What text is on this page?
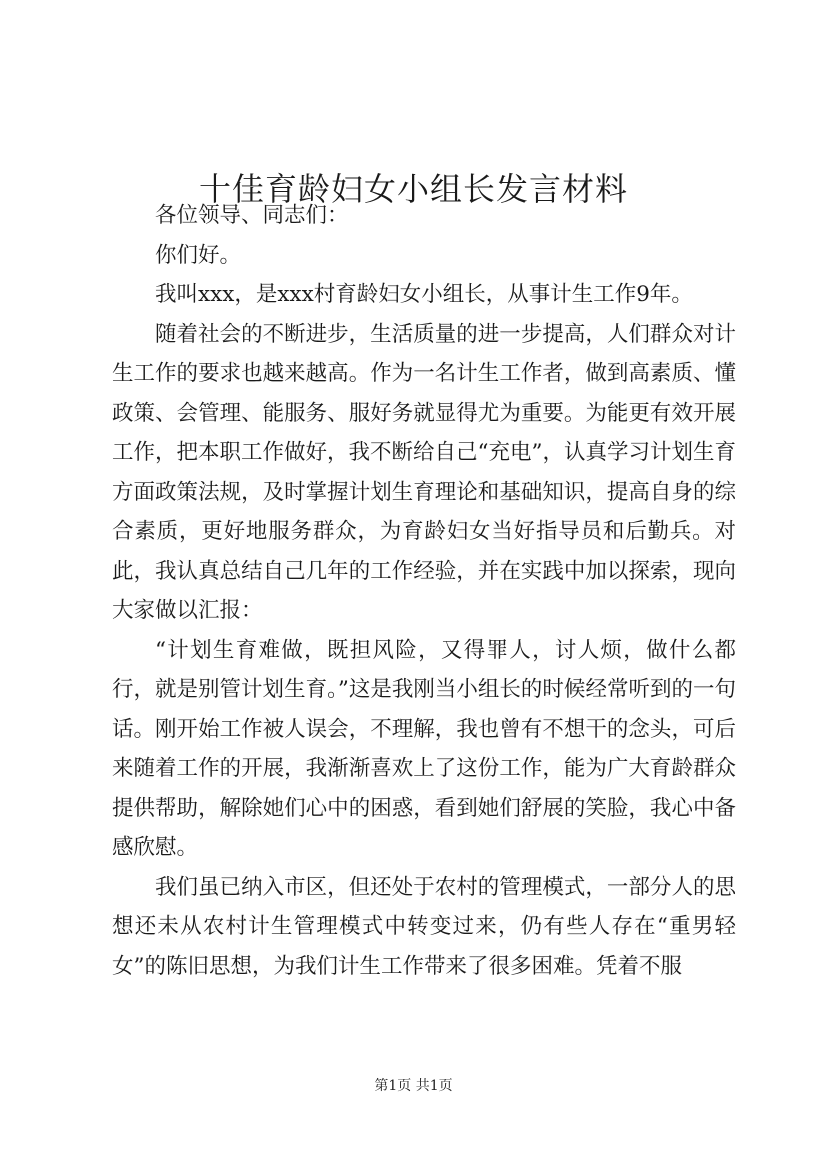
十佳育龄妇女小组长发言材料

各位领导、同志们：

你们好。

我叫xxx，是xxx村育龄妇女小组长，从事计生工作9年。

随着社会的不断进步，生活质量的进一步提高，人们群众对计生工作的要求也越来越高。作为一名计生工作者，做到高素质、懂政策、会管理、能服务、服好务就显得尤为重要。为能更有效开展工作，把本职工作做好，我不断给自己“充电”，认真学习计划生育方面政策法规，及时掌握计划生育理论和基础知识，提高自身的综合素质，更好地服务群众，为育龄妇女当好指导员和后勤兵。对此，我认真总结自己几年的工作经验，并在实践中加以探索，现向大家做以汇报：

“计划生育难做，既担风险，又得罪人，讨人烦，做什么都行，就是别管计划生育。”这是我刚当小组长的时候经常听到的一句话。刚开始工作被人误会，不理解，我也曾有不想干的念头，可后来随着工作的开展，我渐渐喜欢上了这份工作，能为广大育龄群众提供帮助，解除她们心中的困惑，看到她们舒展的笑脸，我心中备感欣慰。

我们虽已纳入市区，但还处于农村的管理模式，一部分人的思想还未从农村计生管理模式中转变过来，仍有些人存在“重男轻女”的陈旧思想，为我们计生工作带来了很多困难。凭着不服

第1页 共1页
